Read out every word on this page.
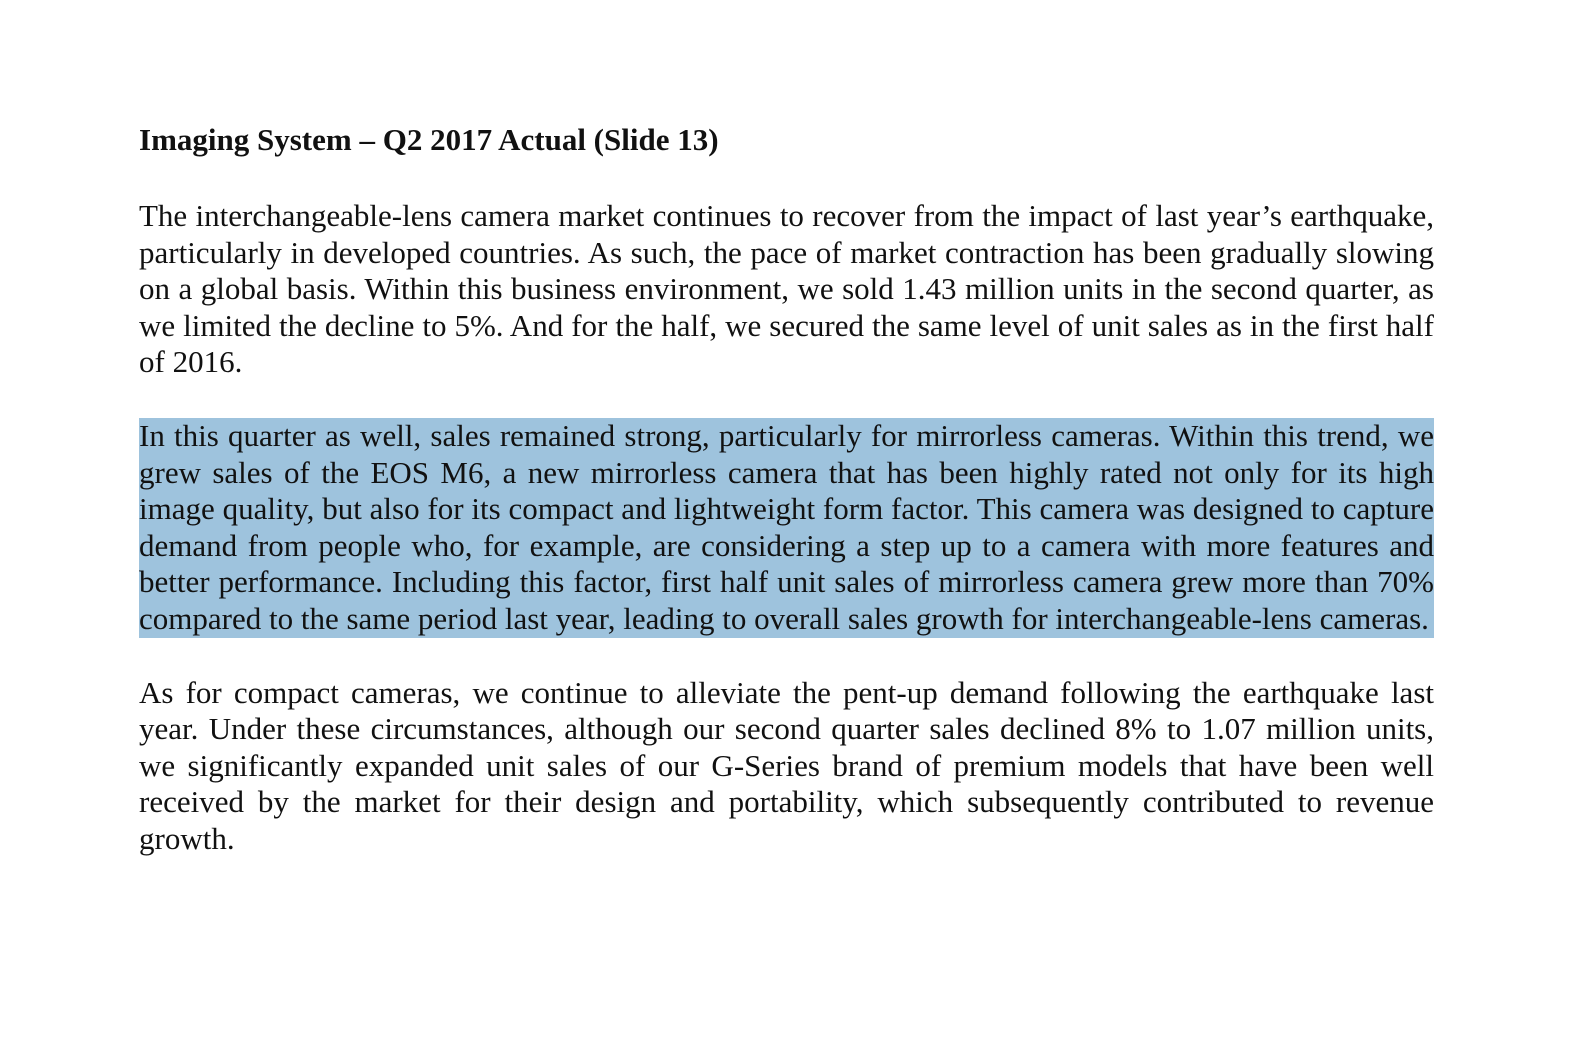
Imaging System – Q2 2017 Actual (Slide 13)

The interchangeable-lens camera market continues to recover from the impact of last year’s earthquake, particularly in developed countries. As such, the pace of market contraction has been gradually slowing on a global basis. Within this business environment, we sold 1.43 million units in the second quarter, as we limited the decline to 5%. And for the half, we secured the same level of unit sales as in the first half of 2016.

In this quarter as well, sales remained strong, particularly for mirrorless cameras. Within this trend, we grew sales of the EOS M6, a new mirrorless camera that has been highly rated not only for its high image quality, but also for its compact and lightweight form factor. This camera was designed to capture demand from people who, for example, are considering a step up to a camera with more features and better performance. Including this factor, first half unit sales of mirrorless camera grew more than 70% compared to the same period last year, leading to overall sales growth for interchangeable-lens cameras.

As for compact cameras, we continue to alleviate the pent-up demand following the earthquake last year. Under these circumstances, although our second quarter sales declined 8% to 1.07 million units, we significantly expanded unit sales of our G-Series brand of premium models that have been well received by the market for their design and portability, which subsequently contributed to revenue growth.
